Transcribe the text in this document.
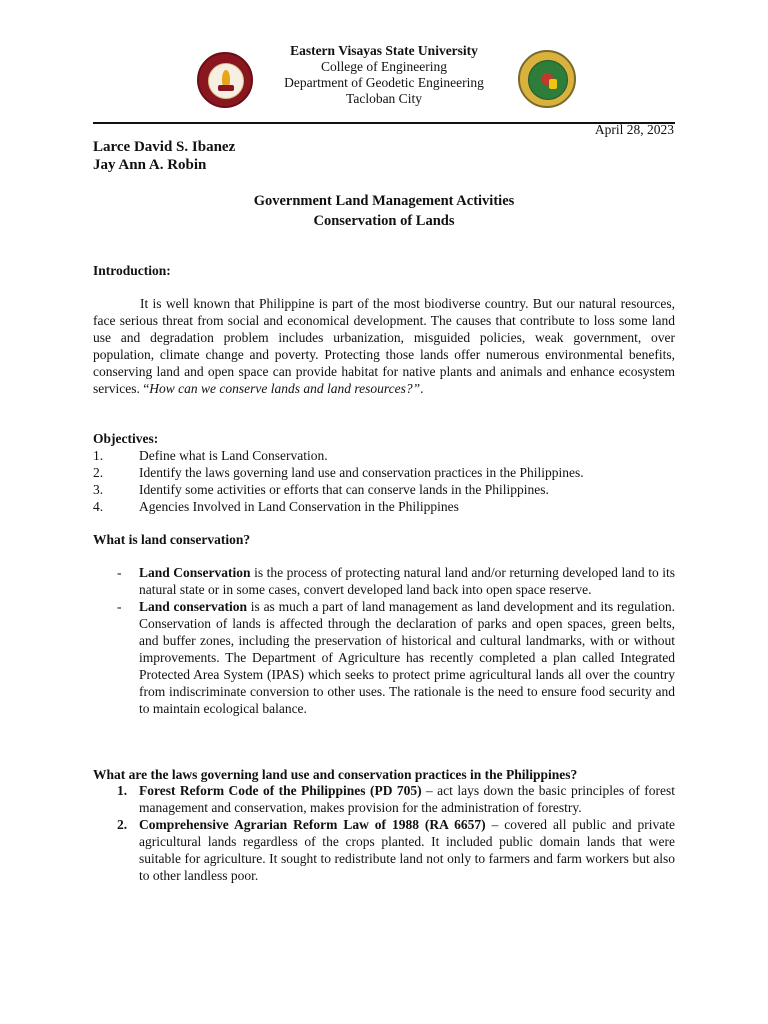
Eastern Visayas State University
College of Engineering
Department of Geodetic Engineering
Tacloban City
April 28, 2023
Larce David S. Ibanez
Jay Ann A. Robin
Government Land Management Activities
Conservation of Lands
Introduction:
It is well known that Philippine is part of the most biodiverse country. But our natural resources, face serious threat from social and economical development. The causes that contribute to loss some land use and degradation problem includes urbanization, misguided policies, weak government, over population, climate change and poverty. Protecting those lands offer numerous environmental benefits, conserving land and open space can provide habitat for native plants and animals and enhance ecosystem services. “How can we conserve lands and land resources?”.
Objectives:
1.	Define what is Land Conservation.
2.	Identify the laws governing land use and conservation practices in the Philippines.
3.	Identify some activities or efforts that can conserve lands in the Philippines.
4.	Agencies Involved in Land Conservation in the Philippines
What is land conservation?
- Land Conservation is the process of protecting natural land and/or returning developed land to its natural state or in some cases, convert developed land back into open space reserve.
- Land conservation is as much a part of land management as land development and its regulation. Conservation of lands is affected through the declaration of parks and open spaces, green belts, and buffer zones, including the preservation of historical and cultural landmarks, with or without improvements. The Department of Agriculture has recently completed a plan called Integrated Protected Area System (IPAS) which seeks to protect prime agricultural lands all over the country from indiscriminate conversion to other uses. The rationale is the need to ensure food security and to maintain ecological balance.
What are the laws governing land use and conservation practices in the Philippines?
1. Forest Reform Code of the Philippines (PD 705) – act lays down the basic principles of forest management and conservation, makes provision for the administration of forestry.
2. Comprehensive Agrarian Reform Law of 1988 (RA 6657) – covered all public and private agricultural lands regardless of the crops planted. It included public domain lands that were suitable for agriculture. It sought to redistribute land not only to farmers and farm workers but also to other landless poor.
